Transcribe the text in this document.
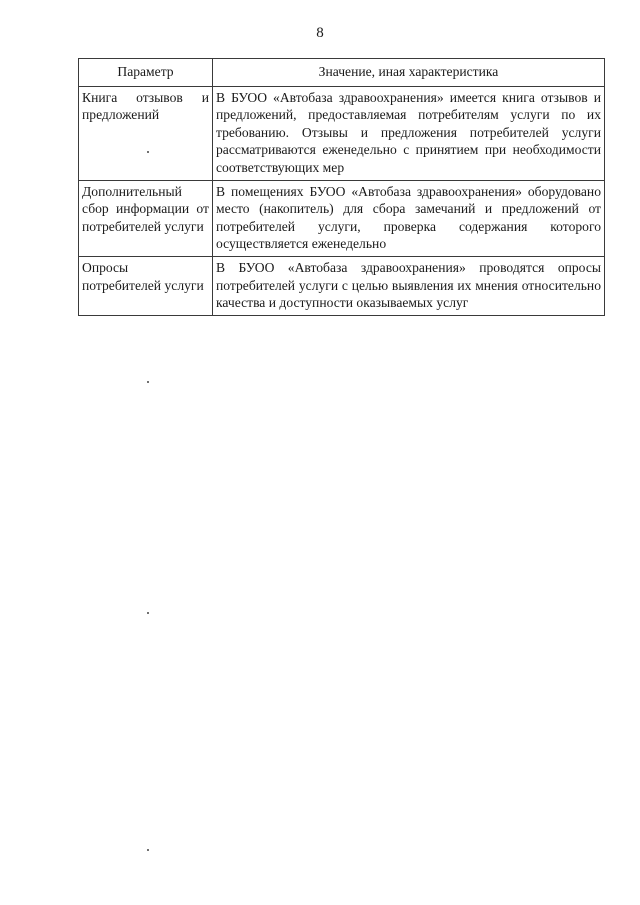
8
Параметр	Значение, иная характеристика
Книга отзывов и предложений	В БУОО «Автобаза здравоохранения» имеется книга отзывов и предложений, предоставляемая потребителям услуги по их требованию. Отзывы и предложения потребителей услуги рассматриваются еженедельно с принятием при необходимости соответствующих мер
Дополнительный сбор информации от потребителей услуги	В помещениях БУОО «Автобаза здравоохранения» оборудовано место (накопитель) для сбора замечаний и предложений от потребителей услуги, проверка содержания которого осуществляется еженедельно
Опросы потребителей услуги	В БУОО «Автобаза здравоохранения» проводятся опросы потребителей услуги с целью выявления их мнения относительно качества и доступности оказываемых услуг
